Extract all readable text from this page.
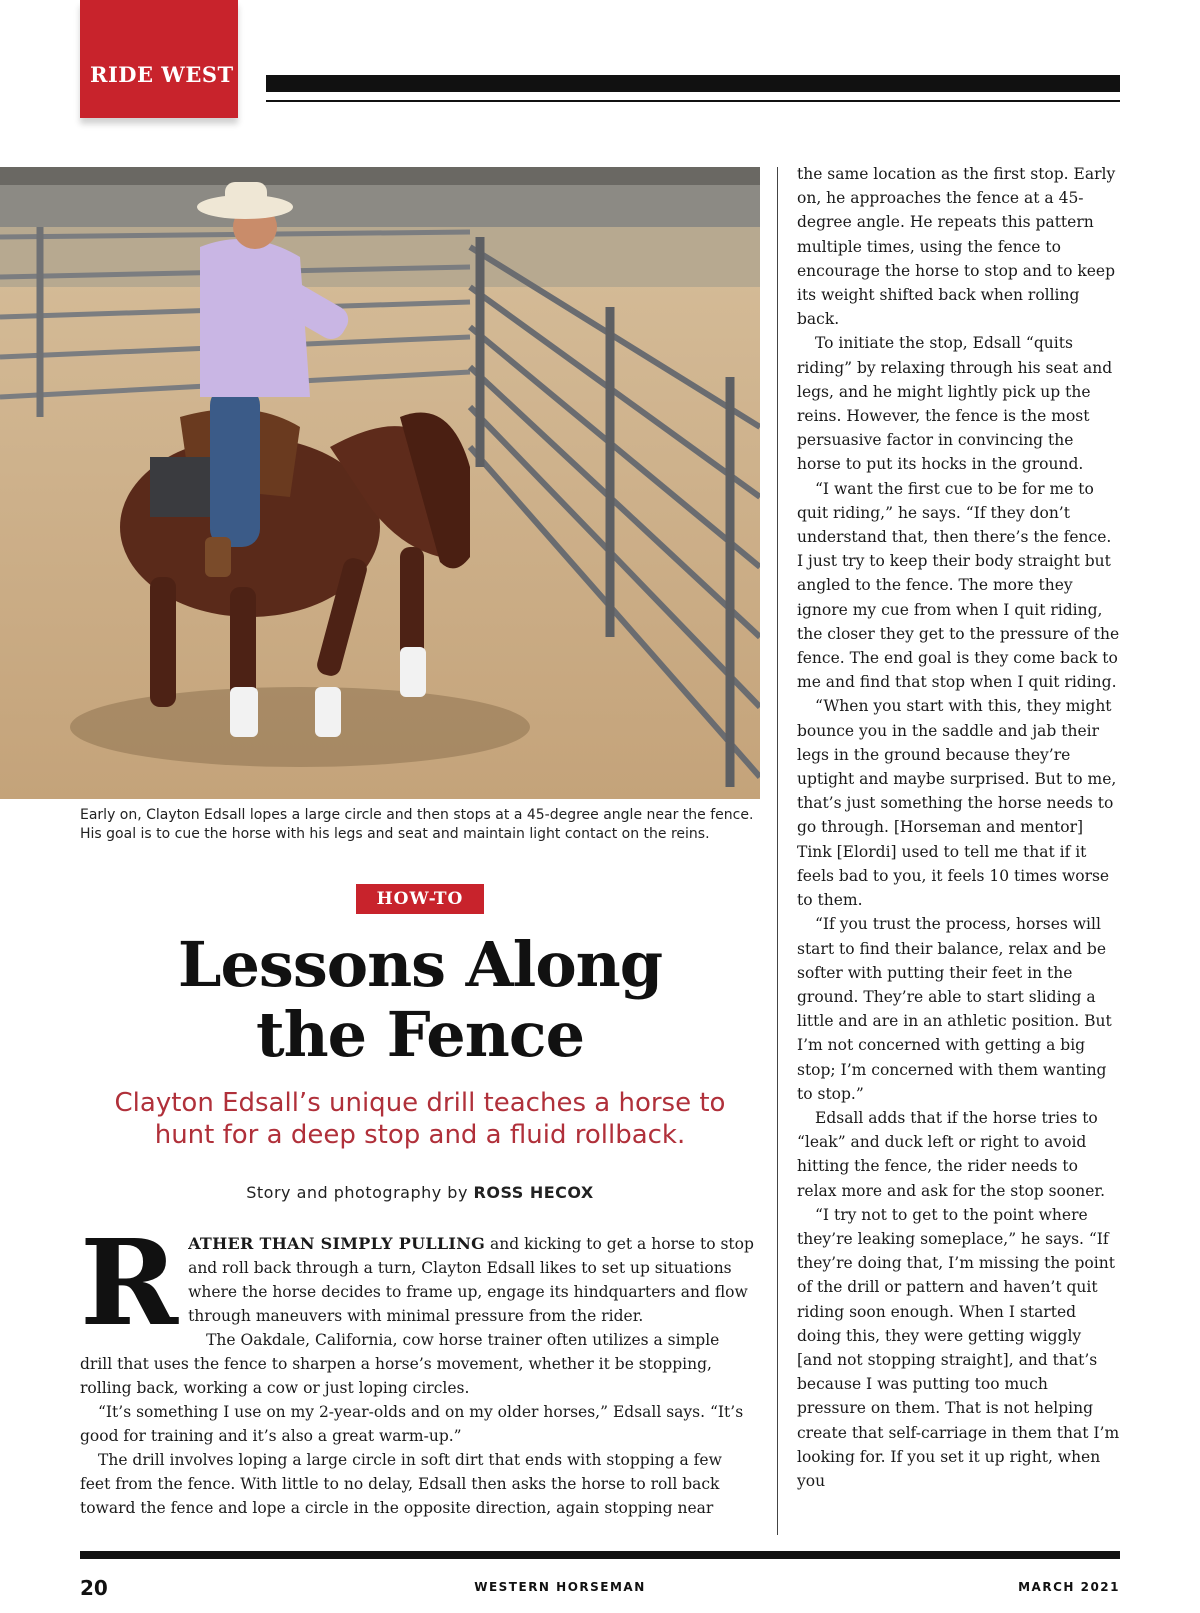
RIDE WEST
Early on, Clayton Edsall lopes a large circle and then stops at a 45-degree angle near the fence.
His goal is to cue the horse with his legs and seat and maintain light contact on the reins.
HOW-TO
Lessons Along
the Fence
Clayton Edsall’s unique drill teaches a horse to
hunt for a deep stop and a fluid rollback.
Story and photography by ROSS HECOX

RATHER THAN SIMPLY PULLING and kicking to get a horse to stop and roll back through a turn, Clayton Edsall likes to set up situations where the horse decides to frame up, engage its hindquarters and flow through maneuvers with minimal pressure from the rider.

The Oakdale, California, cow horse trainer often utilizes a simple drill that uses the fence to sharpen a horse’s movement, whether it be stopping, rolling back, working a cow or just loping circles.

“It’s something I use on my 2-year-olds and on my older horses,” Edsall says. “It’s good for training and it’s also a great warm-up.”

The drill involves loping a large circle in soft dirt that ends with stopping a few feet from the fence. With little to no delay, Edsall then asks the horse to roll back toward the fence and lope a circle in the opposite direction, again stopping near

the same location as the first stop. Early on, he approaches the fence at a 45-degree angle. He repeats this pattern multiple times, using the fence to encourage the horse to stop and to keep its weight shifted back when rolling back.

To initiate the stop, Edsall “quits riding” by relaxing through his seat and legs, and he might lightly pick up the reins. However, the fence is the most persuasive factor in convincing the horse to put its hocks in the ground.

“I want the first cue to be for me to quit riding,” he says. “If they don’t understand that, then there’s the fence. I just try to keep their body straight but angled to the fence. The more they ignore my cue from when I quit riding, the closer they get to the pressure of the fence. The end goal is they come back to me and find that stop when I quit riding.

“When you start with this, they might bounce you in the saddle and jab their legs in the ground because they’re uptight and maybe surprised. But to me, that’s just something the horse needs to go through. [Horseman and mentor] Tink [Elordi] used to tell me that if it feels bad to you, it feels 10 times worse to them.

“If you trust the process, horses will start to find their balance, relax and be softer with putting their feet in the ground. They’re able to start sliding a little and are in an athletic position. But I’m not concerned with getting a big stop; I’m concerned with them wanting to stop.”

Edsall adds that if the horse tries to “leak” and duck left or right to avoid hitting the fence, the rider needs to relax more and ask for the stop sooner.

“I try not to get to the point where they’re leaking someplace,” he says. “If they’re doing that, I’m missing the point of the drill or pattern and haven’t quit riding soon enough. When I started doing this, they were getting wiggly [and not stopping straight], and that’s because I was putting too much pressure on them. That is not helping create that self-carriage in them that I’m looking for. If you set it up right, when you

20	WESTERN HORSEMAN	MARCH 2021
